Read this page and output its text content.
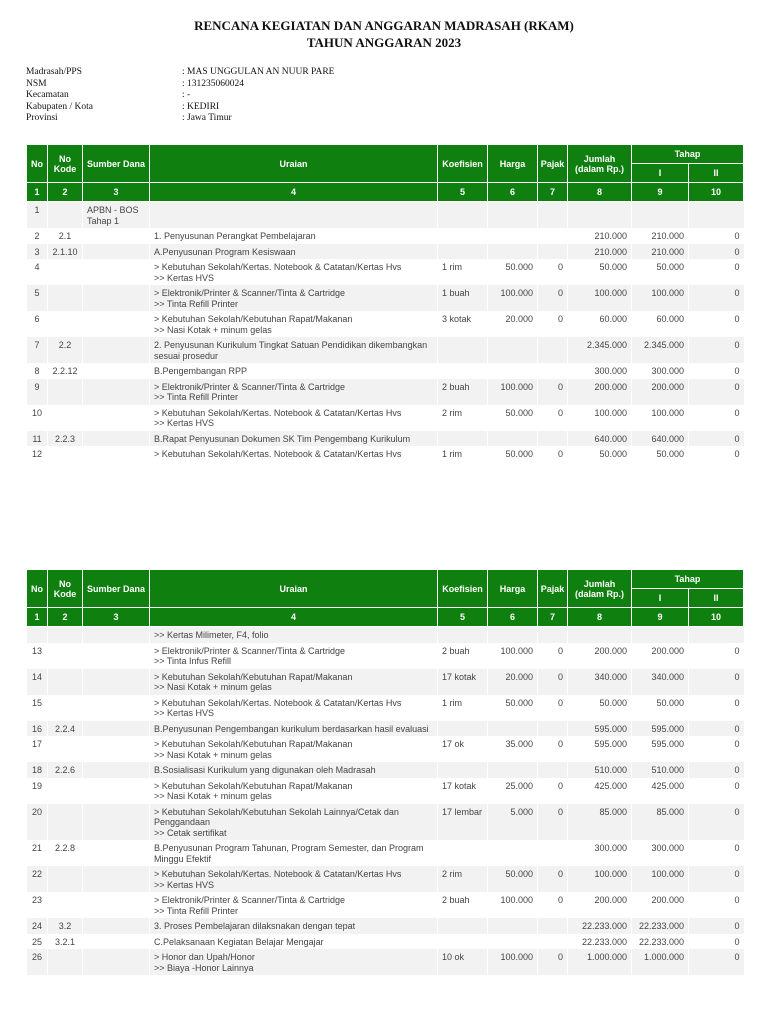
RENCANA KEGIATAN DAN ANGGARAN MADRASAH (RKAM)
TAHUN ANGGARAN 2023
Madrasah/PPS	: MAS UNGGULAN AN NUUR PARE
NSM	: 131235060024
Kecamatan	: -
Kabupaten / Kota	: KEDIRI
Provinsi	: Jawa Timur
No	No Kode	Sumber Dana	Uraian	Koefisien	Harga	Pajak	Jumlah (dalam Rp.)	Tahap	
								I	II
1	2	3	4	5	6	7	8	9	10
1		APBN - BOS Tahap 1							
2	2.1		1. Penyusunan Perangkat Pembelajaran				210.000	210.000	0
3	2.1.10		A.Penyusunan Program Kesiswaan				210.000	210.000	0
4			> Kebutuhan Sekolah/Kertas. Notebook & Catatan/Kertas Hvs
>> Kertas HVS	1 rim	50.000	0	50.000	50.000	0
5			> Elektronik/Printer & Scanner/Tinta & Cartridge
>> Tinta Refill Printer	1 buah	100.000	0	100.000	100.000	0
6			> Kebutuhan Sekolah/Kebutuhan Rapat/Makanan
>> Nasi Kotak + minum gelas	3 kotak	20.000	0	60.000	60.000	0
7	2.2		2. Penyusunan Kurikulum Tingkat Satuan Pendidikan dikembangkan sesuai prosedur				2.345.000	2.345.000	0
8	2.2.12		B.Pengembangan RPP				300.000	300.000	0
9			> Elektronik/Printer & Scanner/Tinta & Cartridge
>> Tinta Refill Printer	2 buah	100.000	0	200.000	200.000	0
10			> Kebutuhan Sekolah/Kertas. Notebook & Catatan/Kertas Hvs
>> Kertas HVS	2 rim	50.000	0	100.000	100.000	0
11	2.2.3		B.Rapat Penyusunan Dokumen SK Tim Pengembang Kurikulum				640.000	640.000	0
12			> Kebutuhan Sekolah/Kertas. Notebook & Catatan/Kertas Hvs	1 rim	50.000	0	50.000	50.000	0
No	No Kode	Sumber Dana	Uraian	Koefisien	Harga	Pajak	Jumlah (dalam Rp.)	Tahap	
								I	II
1	2	3	4	5	6	7	8	9	10
			>> Kertas Milimeter, F4, folio						
13			> Elektronik/Printer & Scanner/Tinta & Cartridge
>> Tinta Infus Refill	2 buah	100.000	0	200.000	200.000	0
14			> Kebutuhan Sekolah/Kebutuhan Rapat/Makanan
>> Nasi Kotak + minum gelas	17 kotak	20.000	0	340.000	340.000	0
15			> Kebutuhan Sekolah/Kertas. Notebook & Catatan/Kertas Hvs
>> Kertas HVS	1 rim	50.000	0	50.000	50.000	0
16	2.2.4		B.Penyusunan Pengembangan kurikulum berdasarkan hasil evaluasi				595.000	595.000	0
17			> Kebutuhan Sekolah/Kebutuhan Rapat/Makanan
>> Nasi Kotak + minum gelas	17 ok	35.000	0	595.000	595.000	0
18	2.2.6		B.Sosialisasi Kurikulum yang digunakan oleh Madrasah				510.000	510.000	0
19			> Kebutuhan Sekolah/Kebutuhan Rapat/Makanan
>> Nasi Kotak + minum gelas	17 kotak	25.000	0	425.000	425.000	0
20			> Kebutuhan Sekolah/Kebutuhan Sekolah Lainnya/Cetak dan
Penggandaan
>> Cetak sertifikat	17 lembar	5.000	0	85.000	85.000	0
21	2.2.8		B.Penyusunan Program Tahunan, Program Semester, dan Program Minggu Efektif				300.000	300.000	0
22			> Kebutuhan Sekolah/Kertas. Notebook & Catatan/Kertas Hvs
>> Kertas HVS	2 rim	50.000	0	100.000	100.000	0
23			> Elektronik/Printer & Scanner/Tinta & Cartridge
>> Tinta Refill Printer	2 buah	100.000	0	200.000	200.000	0
24	3.2		3. Proses Pembelajaran dilaksnakan dengan tepat				22.233.000	22.233.000	0
25	3.2.1		C.Pelaksanaan Kegiatan Belajar Mengajar				22.233.000	22.233.000	0
26			> Honor dan Upah/Honor
>> Biaya -Honor Lainnya	10 ok	100.000	0	1.000.000	1.000.000	0
